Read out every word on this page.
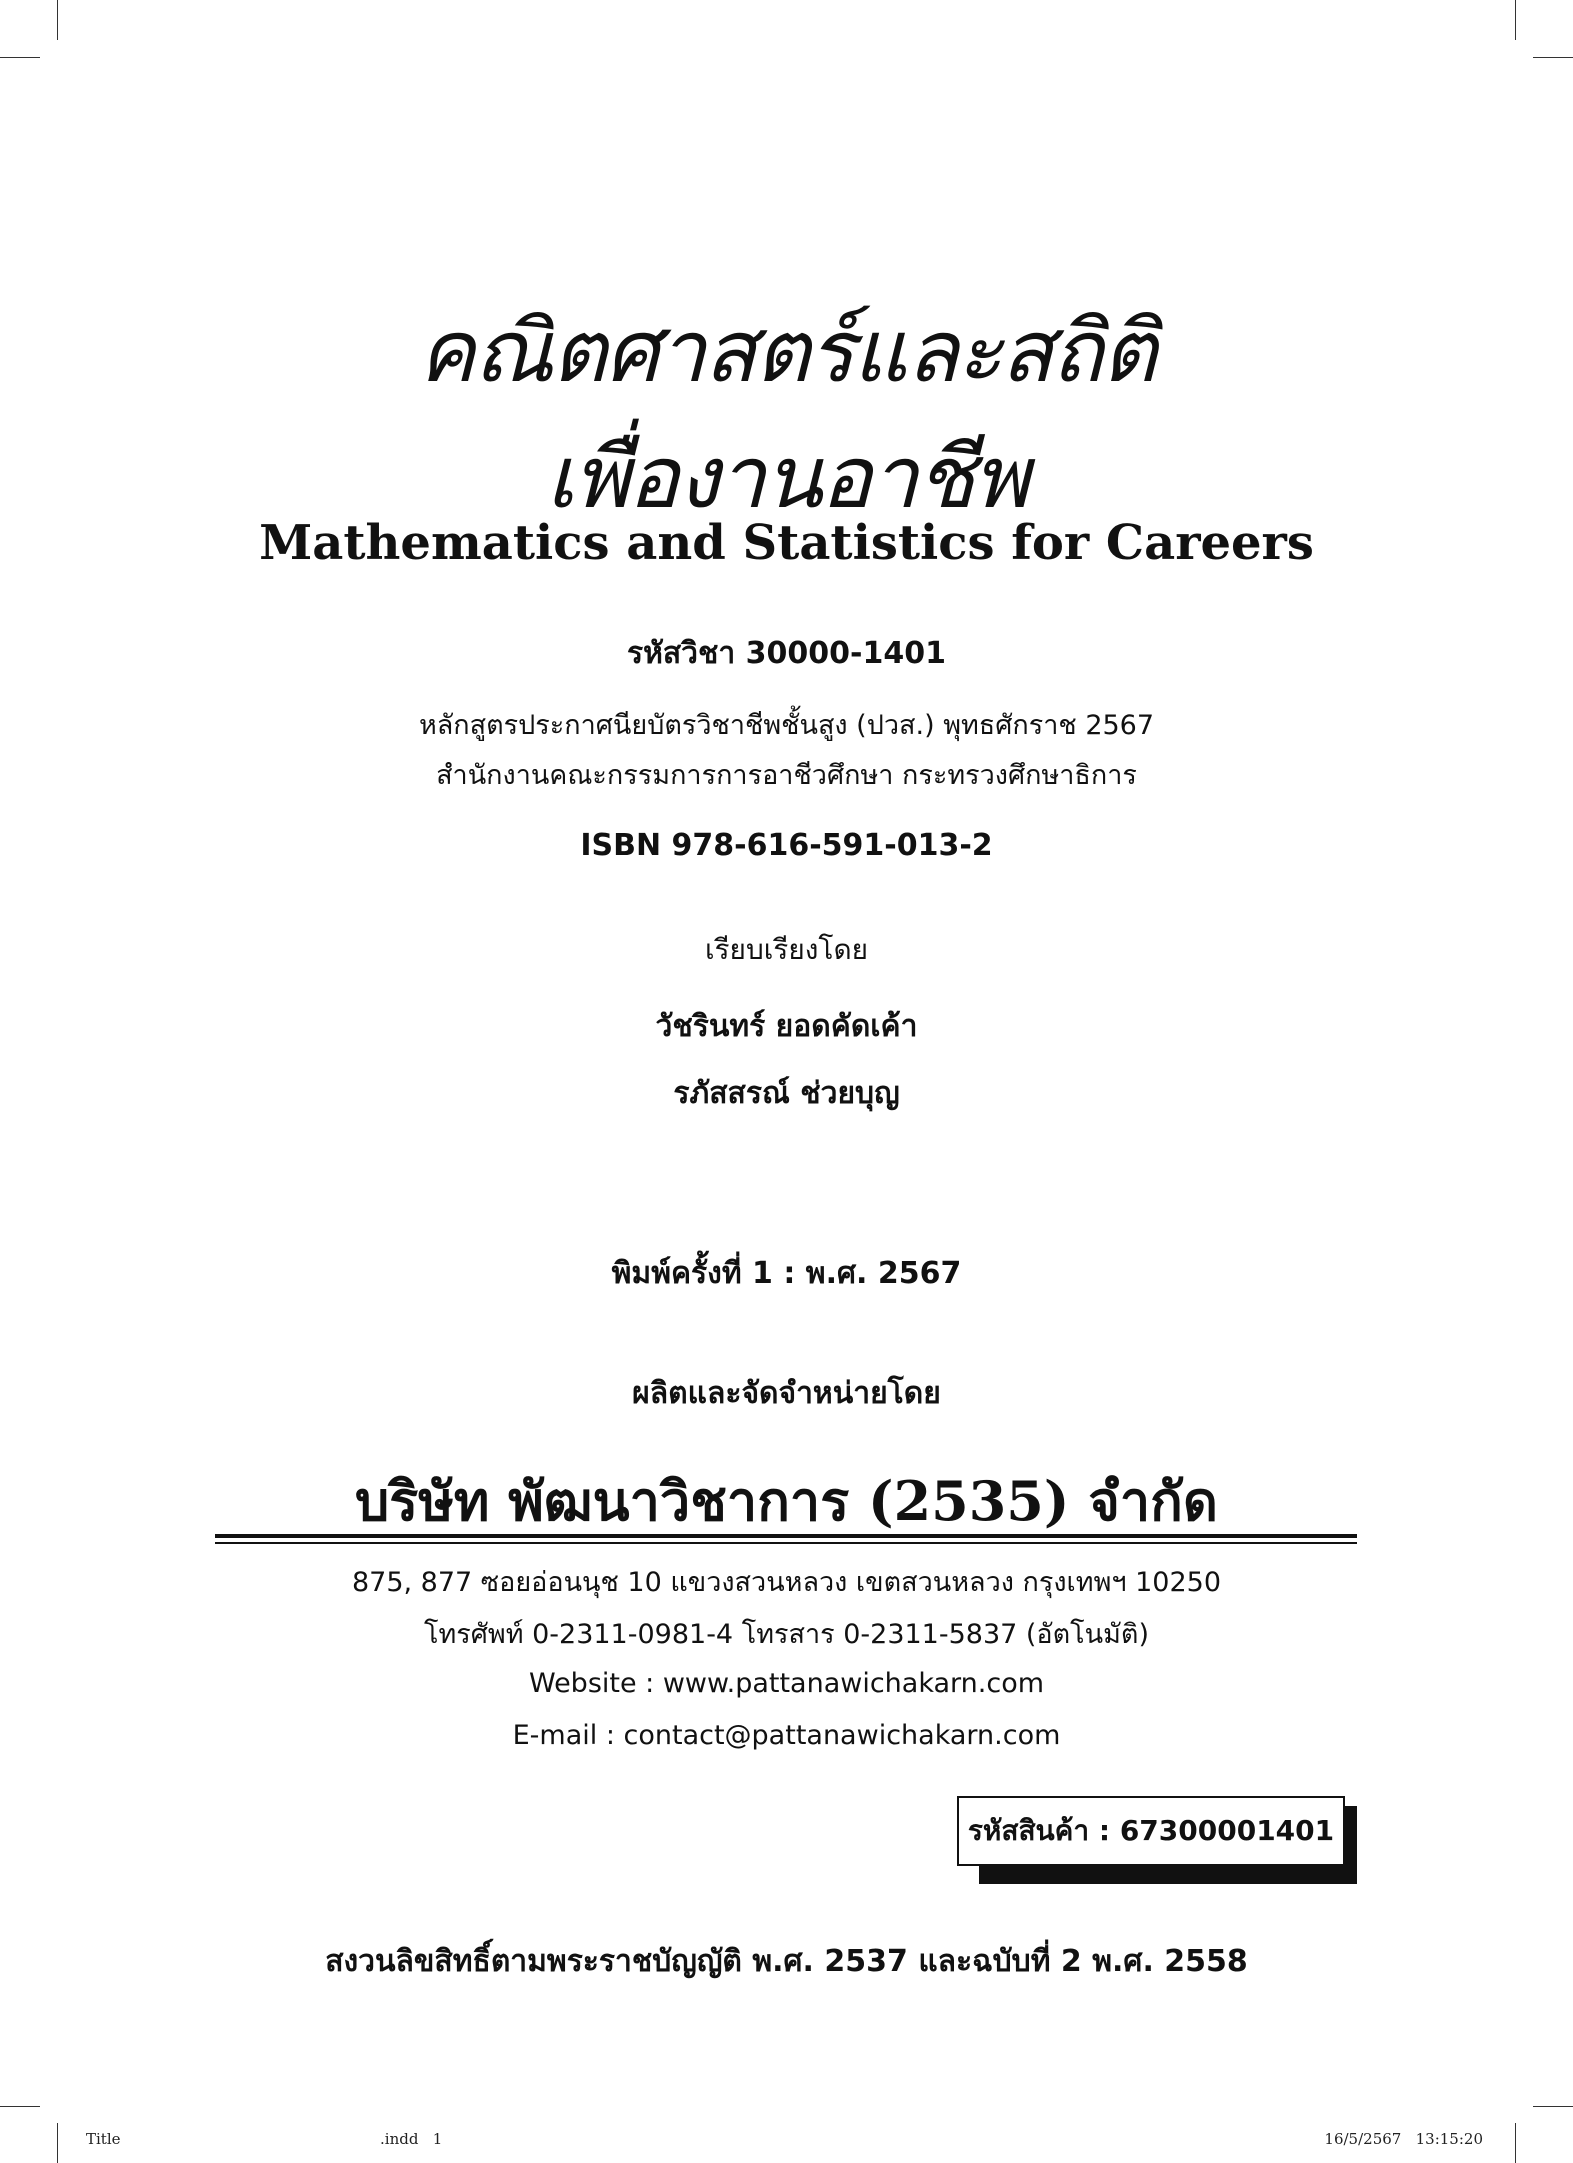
คณิตศาสตร์และสถิติ
เพื่องานอาชีพ
Mathematics and Statistics for Careers
รหัสวิชา 30000-1401
หลักสูตรประกาศนียบัตรวิชาชีพชั้นสูง (ปวส.) พุทธศักราช 2567
สำนักงานคณะกรรมการการอาชีวศึกษา กระทรวงศึกษาธิการ
ISBN 978-616-591-013-2
เรียบเรียงโดย
วัชรินทร์ ยอดคัดเค้า
รภัสสรณ์ ช่วยบุญ
พิมพ์ครั้งที่ 1 : พ.ศ. 2567
ผลิตและจัดจำหน่ายโดย
บริษัท พัฒนาวิชาการ (2535) จำกัด
875, 877 ซอยอ่อนนุช 10 แขวงสวนหลวง เขตสวนหลวง กรุงเทพฯ 10250
โทรศัพท์ 0-2311-0981-4 โทรสาร 0-2311-5837 (อัตโนมัติ)
Website : www.pattanawichakarn.com
E-mail : contact@pattanawichakarn.com
รหัสสินค้า : 67300001401
สงวนลิขสิทธิ์ตามพระราชบัญญัติ พ.ศ. 2537 และฉบับที่ 2 พ.ศ. 2558
Title	.indd   1	16/5/2567   13:15:20
